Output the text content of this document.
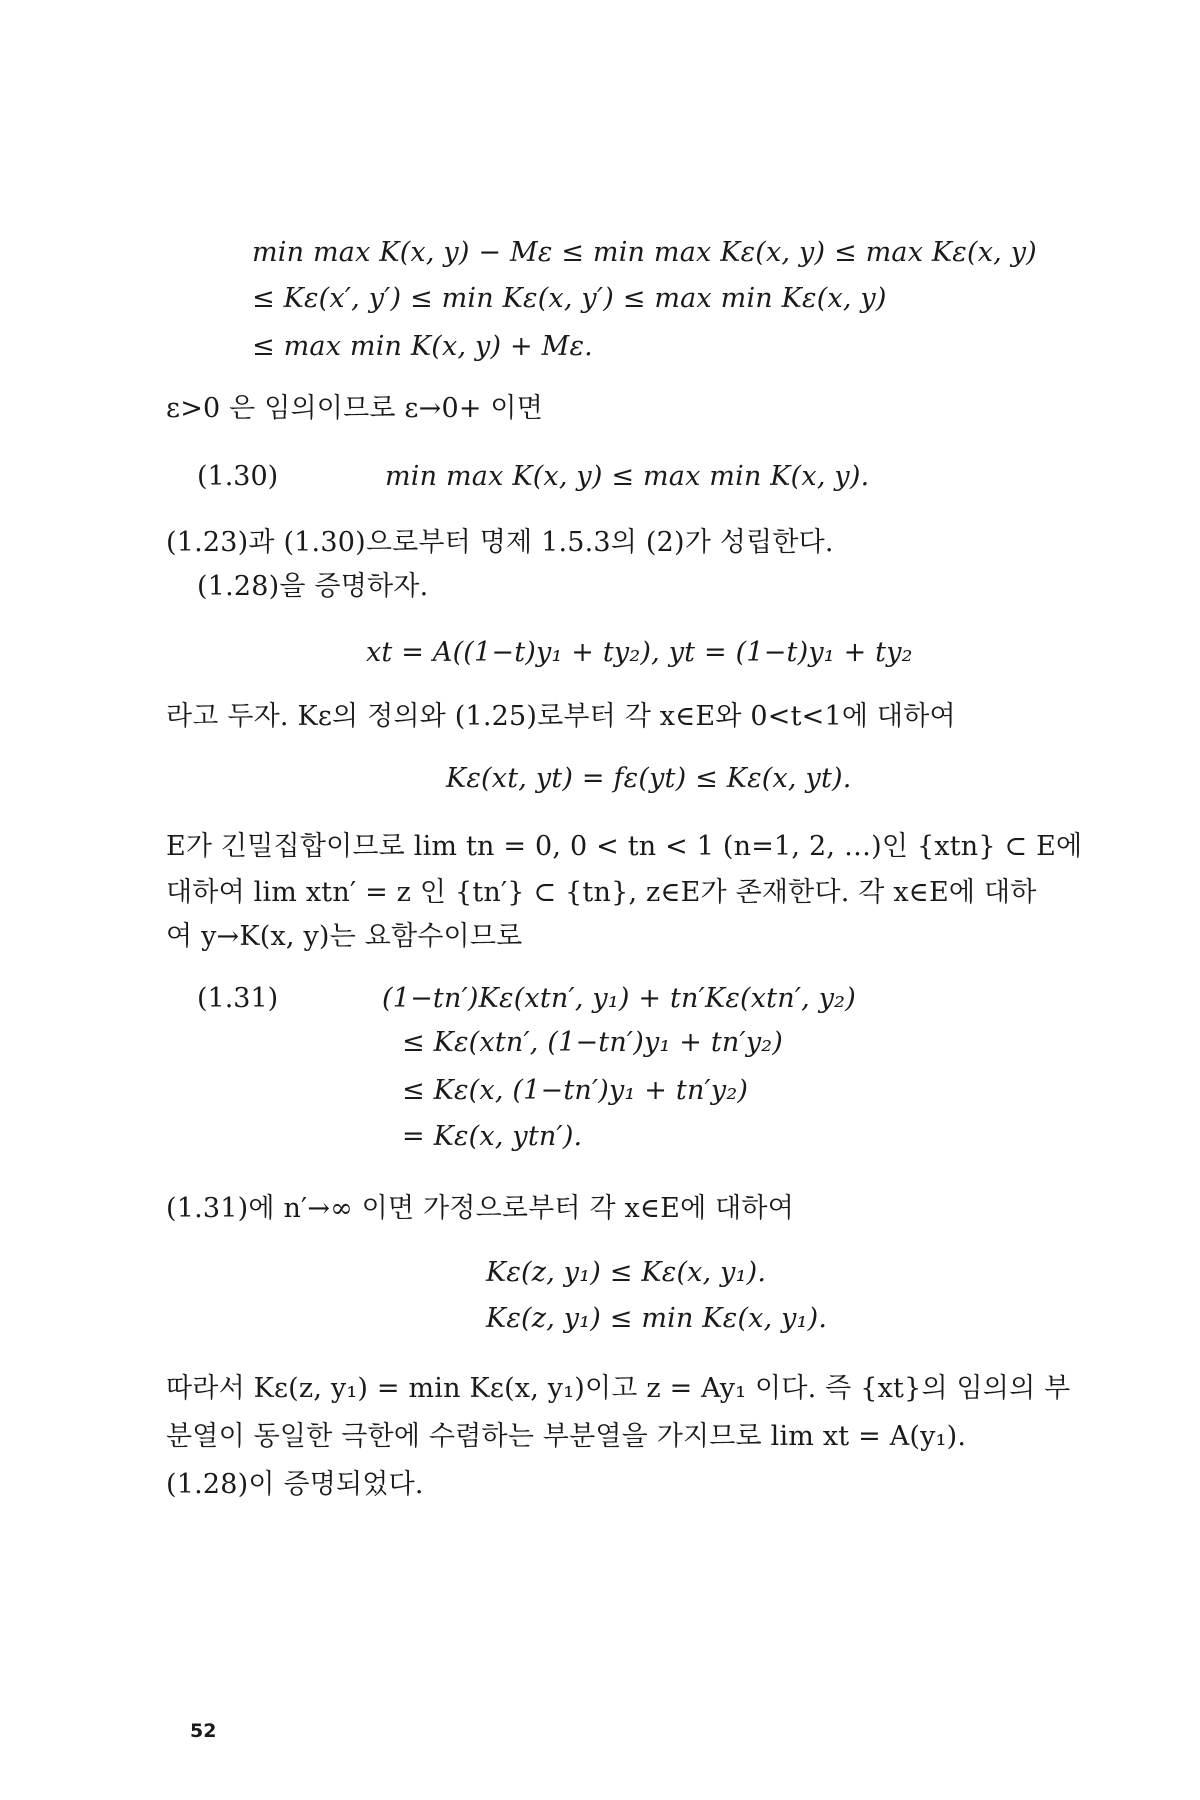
min max K(x, y) − Mε ≤ min max Kε(x, y) ≤ max Kε(x, y)
≤ Kε(x′, y′) ≤ min Kε(x, y′) ≤ max min Kε(x, y)
≤ max min K(x, y) + Mε.
ε>0 은 임의이므로 ε→0+ 이면
(1.30)	min max K(x, y) ≤ max min K(x, y).
(1.23)과 (1.30)으로부터 명제 1.5.3의 (2)가 성립한다.
(1.28)을 증명하자.
xt = A((1−t)y₁ + ty₂), yt = (1−t)y₁ + ty₂
라고 두자. Kε의 정의와 (1.25)로부터 각 x∈E와 0<t<1에 대하여
Kε(xt, yt) = fε(yt) ≤ Kε(x, yt).
E가 긴밀집합이므로 lim tn = 0, 0 < tn < 1 (n=1, 2, …)인 {xtn} ⊂ E에
대하여 lim xtn′ = z 인 {tn′} ⊂ {tn}, z∈E가 존재한다. 각 x∈E에 대하
여 y→K(x, y)는 요함수이므로
(1.31)	(1−tn′)Kε(xtn′, y₁) + tn′Kε(xtn′, y₂)
≤ Kε(xtn′, (1−tn′)y₁ + tn′y₂)
≤ Kε(x, (1−tn′)y₁ + tn′y₂)
= Kε(x, ytn′).
(1.31)에 n′→∞ 이면 가정으로부터 각 x∈E에 대하여
Kε(z, y₁) ≤ Kε(x, y₁).
Kε(z, y₁) ≤ min Kε(x, y₁).
따라서 Kε(z, y₁) = min Kε(x, y₁)이고 z = Ay₁ 이다. 즉 {xt}의 임의의 부
분열이 동일한 극한에 수렴하는 부분열을 가지므로 lim xt = A(y₁).
(1.28)이 증명되었다.
52
